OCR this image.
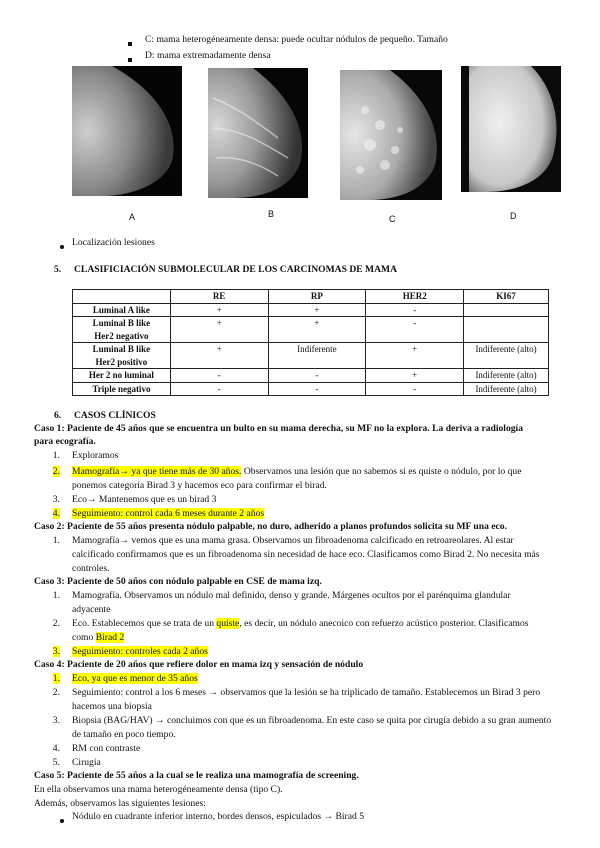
C: mama heterogéneamente densa: puede ocultar nódulos de pequeño. Tamaño
D: mama extremadamente densa
A	B	C	D
Localización lesiones
5. CLASIFICIACIÓN SUBMOLECULAR DE LOS CARCINOMAS DE MAMA
	RE	RP	HER2	KI67
Luminal A like	+	+	-	
Luminal B like
Her2 negativo	+	+	-	
Luminal B like
Her2 positivo	+	Indiferente	+	Indiferente (alto)
Her 2 no luminal	-	-	+	Indiferente (alto)
Triple negativo	-	-	-	Indiferente (alto)
6. CASOS CLÍNICOS
Caso 1: Paciente de 45 años que se encuentra un bulto en su mama derecha, su MF no la explora. La deriva a radiología
para ecografía.
1. Exploramos
2. Mamografía→ ya que tiene más de 30 años. Observamos una lesión que no sabemos si es quiste o nódulo, por lo que
ponemos categoría Birad 3 y hacemos eco para confirmar el birad.
3. Eco→ Mantenemos que es un birad 3
4. Seguimiento: control cada 6 meses durante 2 años
Caso 2: Paciente de 55 años presenta nódulo palpable, no duro, adherido a planos profundos solicita su MF una eco.
1. Mamografía→ vemos que es una mama grasa. Observamos un fibroadenoma calcificado en retroareolares. Al estar
calcificado confirmamos que es un fibroadenoma sin necesidad de hace eco. Clasificamos como Birad 2. No necesita más
controles.
Caso 3: Paciente de 50 años con nódulo palpable en CSE de mama izq.
1. Mamografía. Observamos un nódulo mal definido, denso y grande. Márgenes ocultos por el parénquima glandular
adyacente
2. Eco. Establecemos que se trata de un quiste, es decir, un nódulo anecoico con refuerzo acústico posterior. Clasificamos
como Birad 2
3. Seguimiento: controles cada 2 años
Caso 4: Paciente de 20 años que refiere dolor en mama izq y sensación de nódulo
1. Eco, ya que es menor de 35 años
2. Seguimiento: control a los 6 meses → observamos que la lesión se ha triplicado de tamaño. Establecemos un Birad 3 pero
hacemos una biopsia
3. Biopsia (BAG/HAV) → concluimos con que es un fibroadenoma. En este caso se quita por cirugía debido a su gran aumento
de tamaño en poco tiempo.
4. RM con contraste
5. Cirugía
Caso 5: Paciente de 55 años a la cual se le realiza una mamografía de screening.
En ella observamos una mama heterogéneamente densa (tipo C).
Además, observamos las siguientes lesiones:
Nódulo en cuadrante inferior interno, bordes densos, espiculados → Birad 5
